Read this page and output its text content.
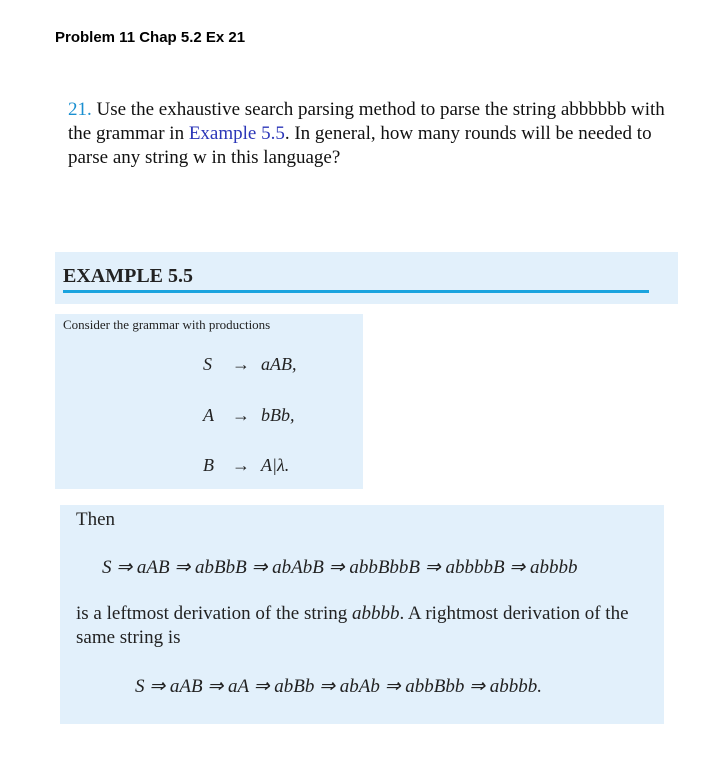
Problem 11 Chap 5.2 Ex 21
21. Use the exhaustive search parsing method to parse the string abbbbbb with the grammar in Example 5.5. In general, how many rounds will be needed to parse any string w in this language?
EXAMPLE 5.5
Consider the grammar with productions
S → aAB,
A → bBb,
B → A|λ.
Then
S ⇒ aAB ⇒ abBbB ⇒ abAbB ⇒ abbBbbB ⇒ abbbbB ⇒ abbbb
is a leftmost derivation of the string abbbb. A rightmost derivation of the same string is
S ⇒ aAB ⇒ aA ⇒ abBb ⇒ abAb ⇒ abbBbb ⇒ abbbb.
